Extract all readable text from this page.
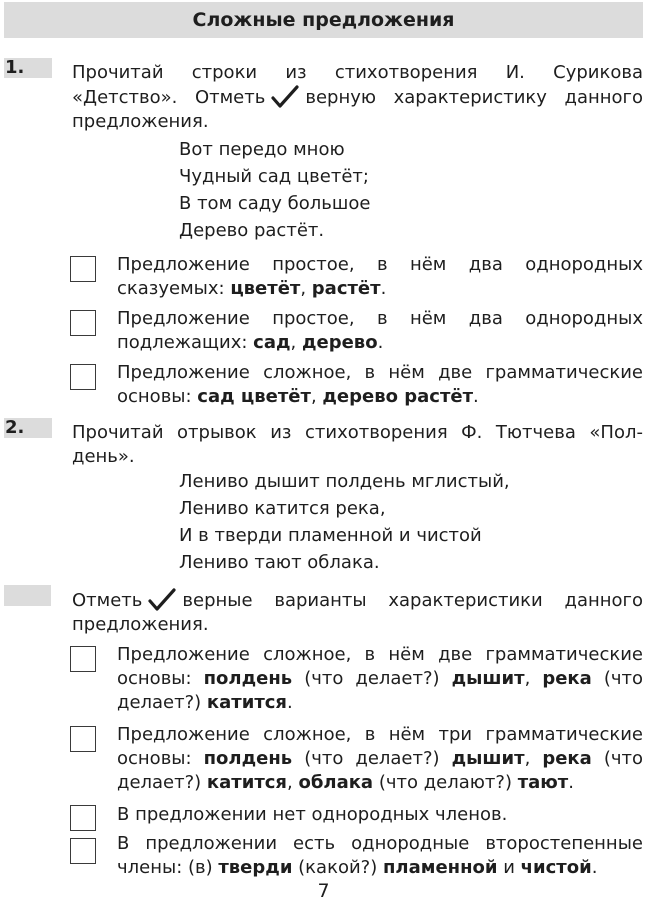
Сложные предложения
1.	Прочитай строки из стихотворения И. Сурикова «Детство». Отметь верную характеристику данного предложения.
Вот передо мною
Чудный сад цветёт;
В том саду большое
Дерево растёт.
Предложение простое, в нём два однородных сказуемых: цветёт, растёт.
Предложение простое, в нём два однородных подлежащих: сад, дерево.
Предложение сложное, в нём две грамматические основы: сад цветёт, дерево растёт.
2.	Прочитай отрывок из стихотворения Ф. Тютчева «Полдень».
Лениво дышит полдень мглистый,
Лениво катится река,
И в тверди пламенной и чистой
Лениво тают облака.
Отметь верные варианты характеристики данного предложения.
Предложение сложное, в нём две грамматические основы: полдень (что делает?) дышит, река (что делает?) катится.
Предложение сложное, в нём три грамматические основы: полдень (что делает?) дышит, река (что делает?) катится, облака (что делают?) тают.
В предложении нет однородных членов.
В предложении есть однородные второстепенные члены: (в) тверди (какой?) пламенной и чистой.
7
